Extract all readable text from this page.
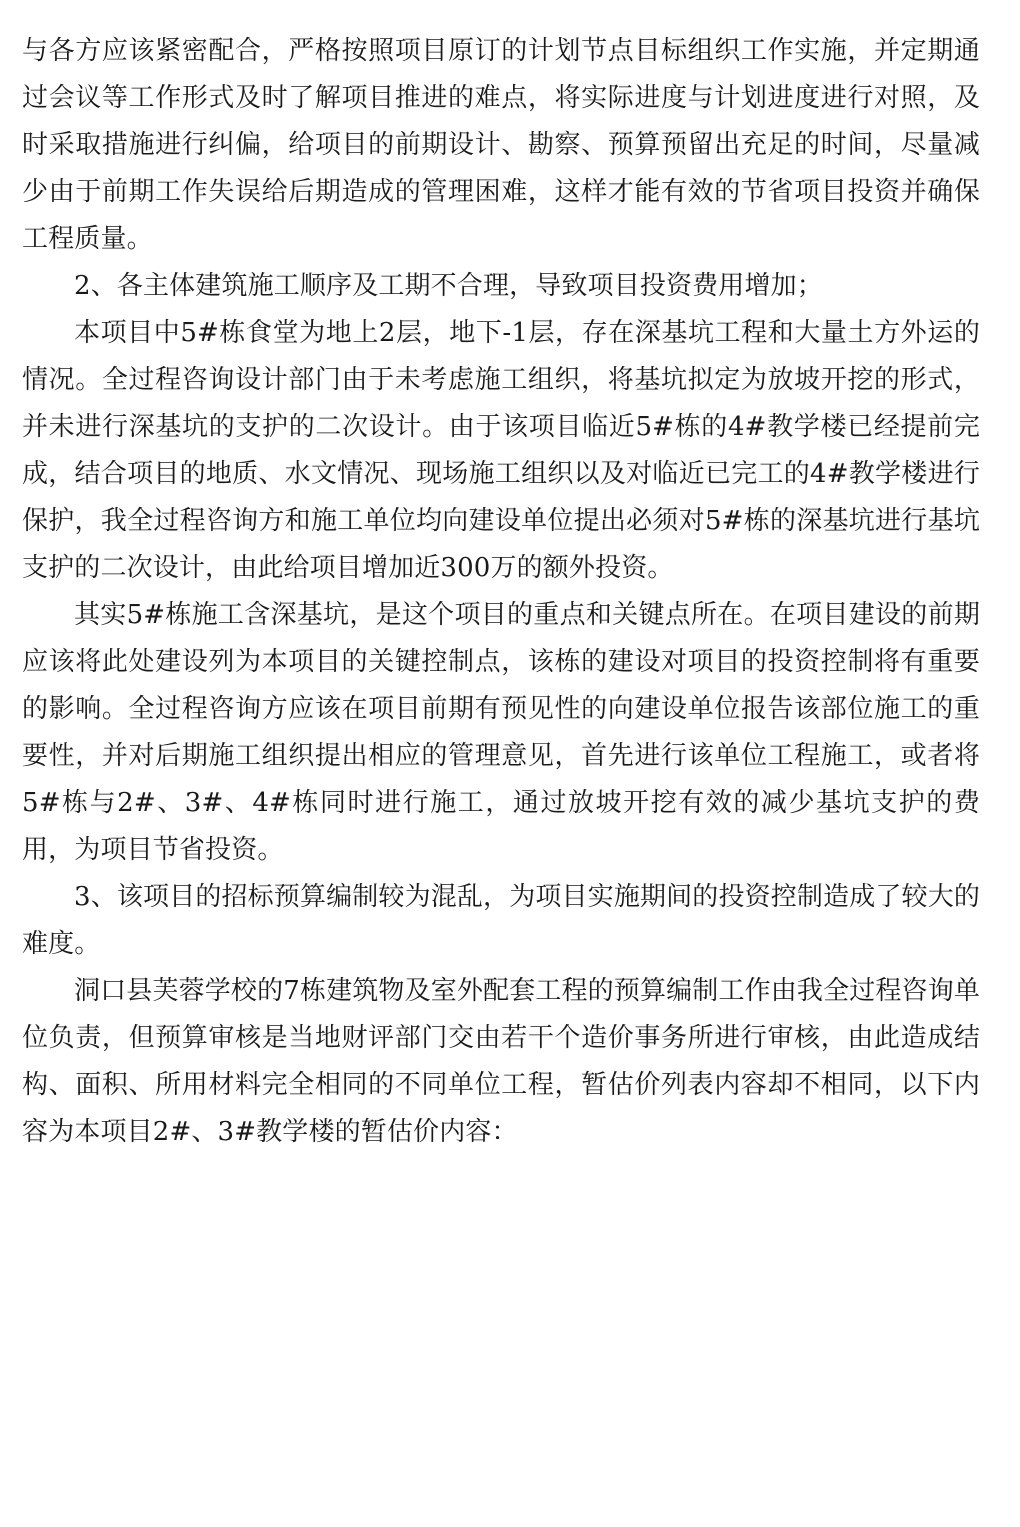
与各方应该紧密配合，严格按照项目原订的计划节点目标组织工作实施，并定期通过会议等工作形式及时了解项目推进的难点，将实际进度与计划进度进行对照，及时采取措施进行纠偏，给项目的前期设计、勘察、预算预留出充足的时间，尽量减少由于前期工作失误给后期造成的管理困难，这样才能有效的节省项目投资并确保工程质量。

2、各主体建筑施工顺序及工期不合理，导致项目投资费用增加；

本项目中5#栋食堂为地上2层，地下-1层，存在深基坑工程和大量土方外运的情况。全过程咨询设计部门由于未考虑施工组织，将基坑拟定为放坡开挖的形式，并未进行深基坑的支护的二次设计。由于该项目临近5#栋的4#教学楼已经提前完成，结合项目的地质、水文情况、现场施工组织以及对临近已完工的4#教学楼进行保护，我全过程咨询方和施工单位均向建设单位提出必须对5#栋的深基坑进行基坑支护的二次设计，由此给项目增加近300万的额外投资。

其实5#栋施工含深基坑，是这个项目的重点和关键点所在。在项目建设的前期应该将此处建设列为本项目的关键控制点，该栋的建设对项目的投资控制将有重要的影响。全过程咨询方应该在项目前期有预见性的向建设单位报告该部位施工的重要性，并对后期施工组织提出相应的管理意见，首先进行该单位工程施工，或者将5#栋与2#、3#、4#栋同时进行施工，通过放坡开挖有效的减少基坑支护的费用，为项目节省投资。

3、该项目的招标预算编制较为混乱，为项目实施期间的投资控制造成了较大的难度。

洞口县芙蓉学校的7栋建筑物及室外配套工程的预算编制工作由我全过程咨询单位负责，但预算审核是当地财评部门交由若干个造价事务所进行审核，由此造成结构、面积、所用材料完全相同的不同单位工程，暂估价列表内容却不相同，以下内容为本项目2#、3#教学楼的暂估价内容：
